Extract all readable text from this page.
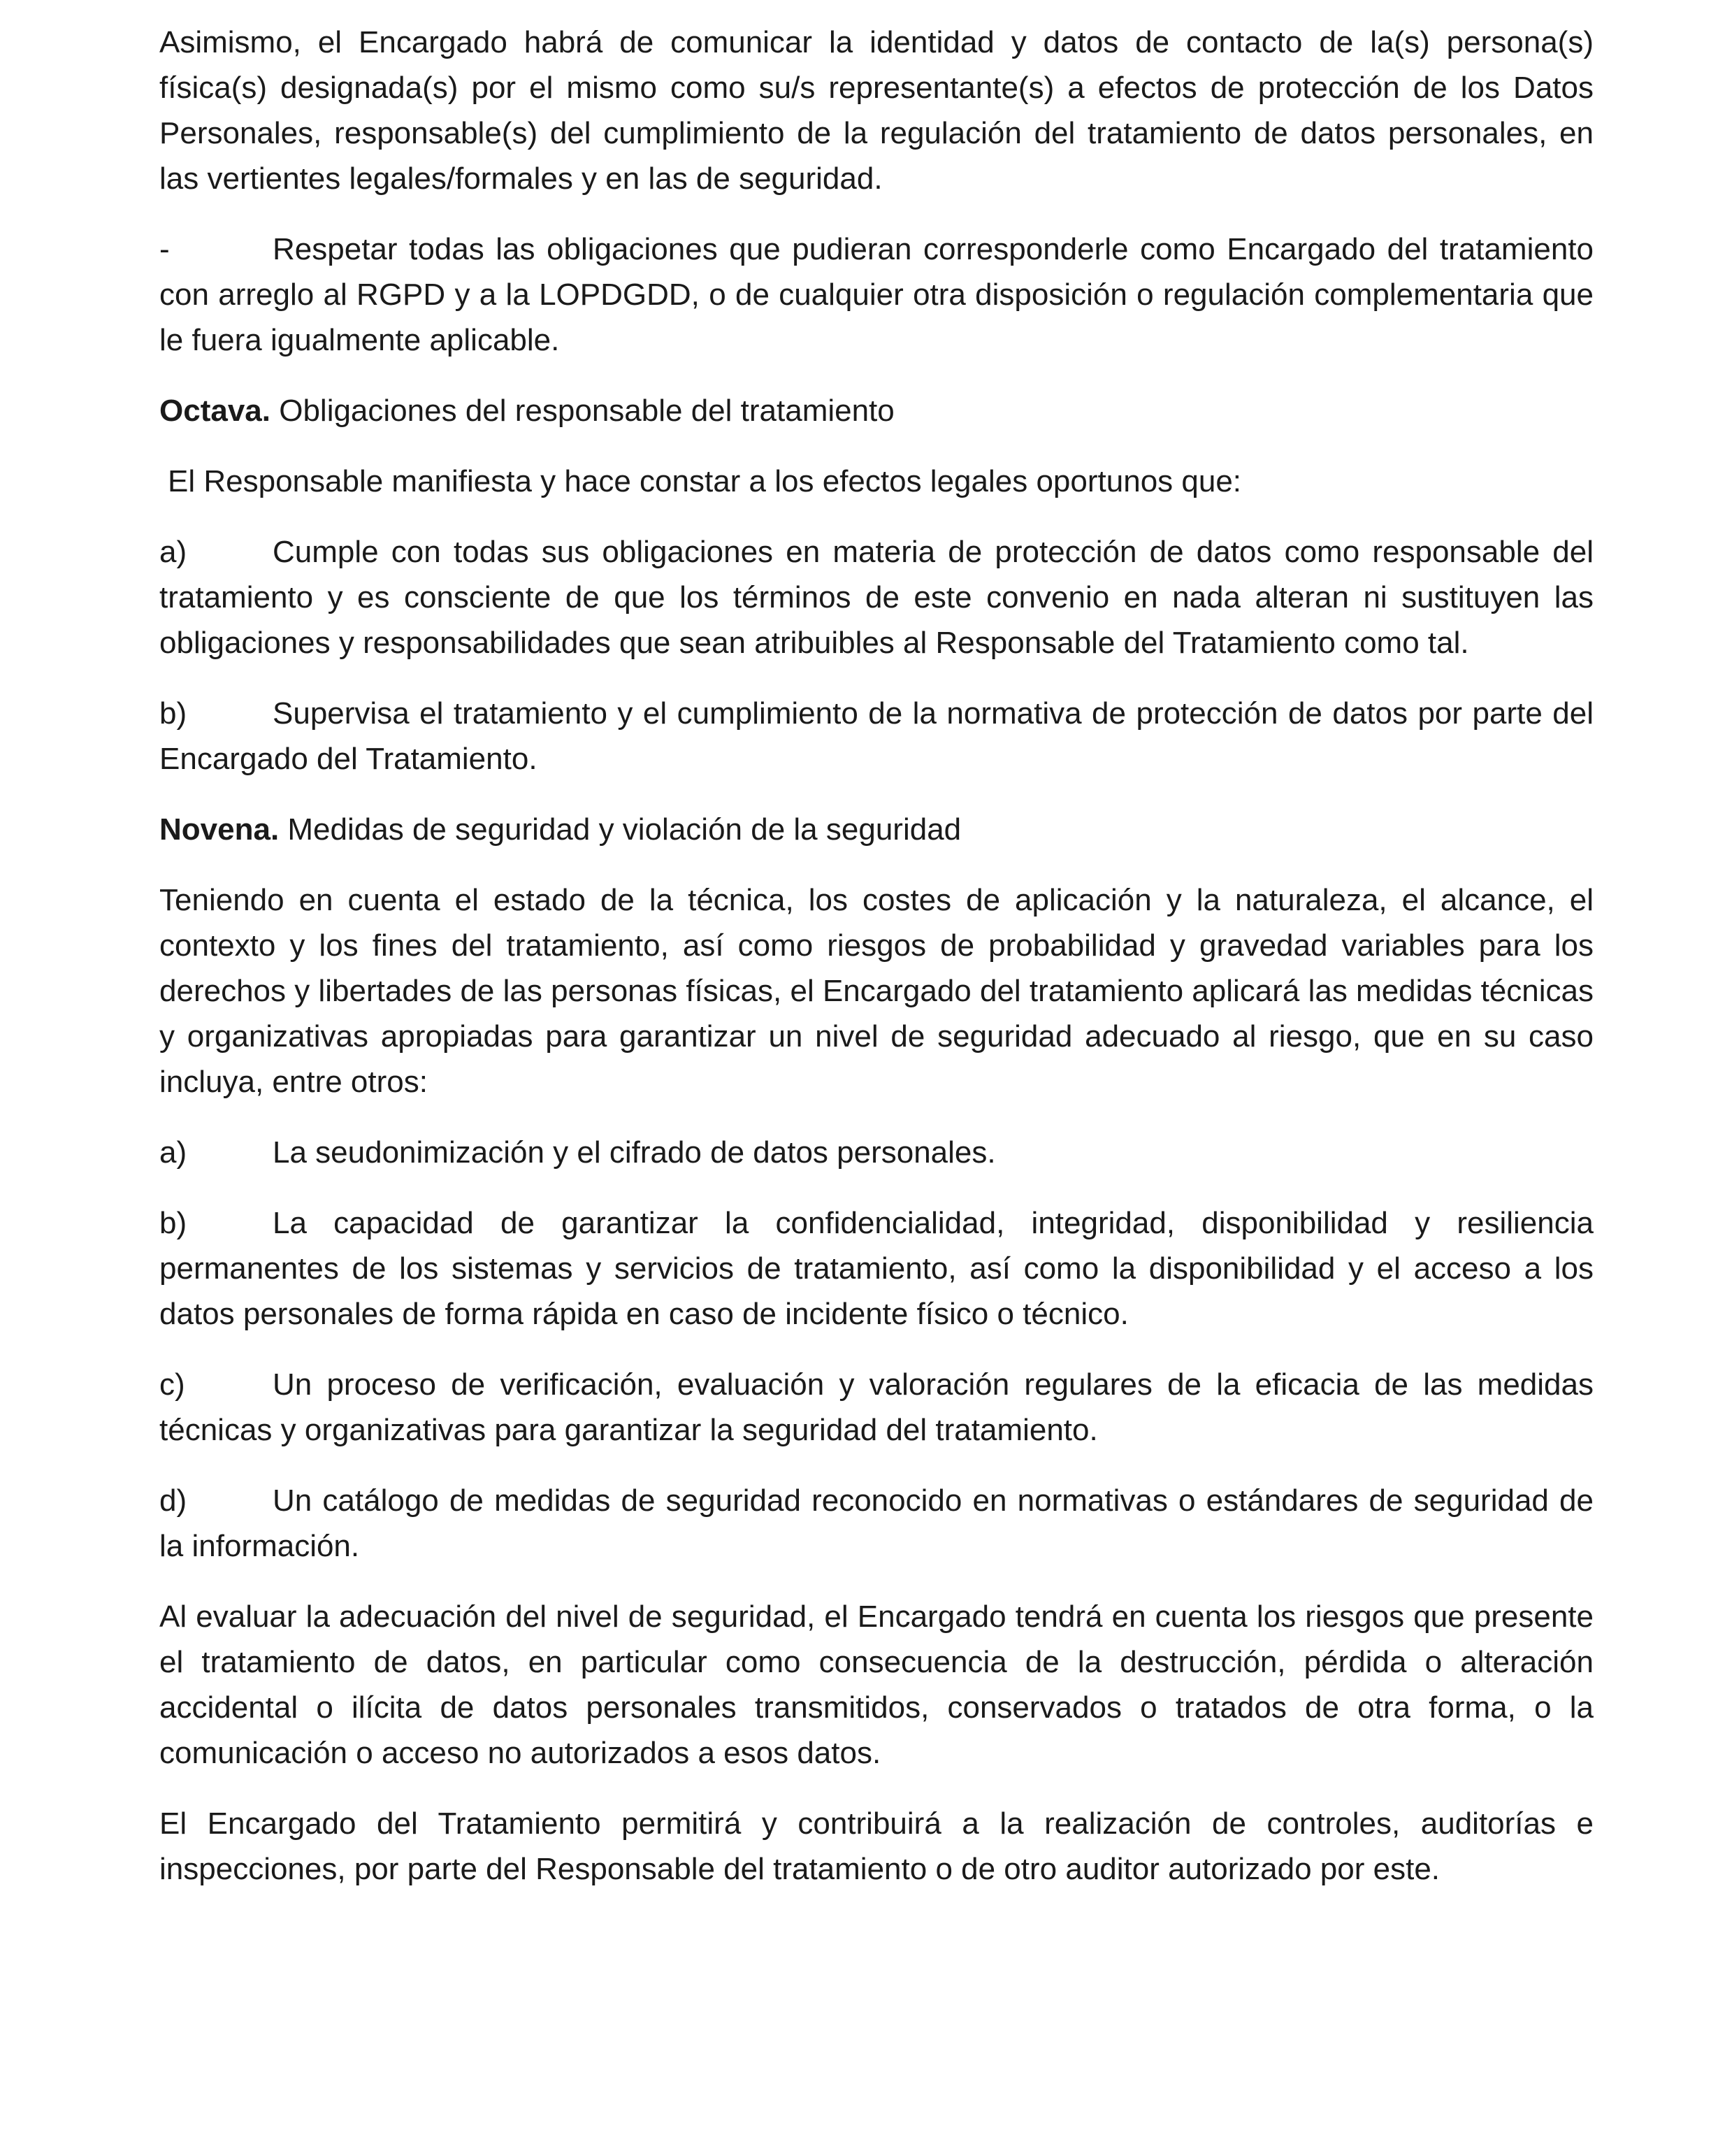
Asimismo, el Encargado habrá de comunicar la identidad y datos de contacto de la(s) persona(s) física(s) designada(s) por el mismo como su/s representante(s) a efectos de protección de los Datos Personales, responsable(s) del cumplimiento de la regulación del tratamiento de datos personales, en las vertientes legales/formales y en las de seguridad.

-	Respetar todas las obligaciones que pudieran corresponderle como Encargado del tratamiento con arreglo al RGPD y a la LOPDGDD, o de cualquier otra disposición o regulación complementaria que le fuera igualmente aplicable.

Octava. Obligaciones del responsable del tratamiento

El Responsable manifiesta y hace constar a los efectos legales oportunos que:

a)	Cumple con todas sus obligaciones en materia de protección de datos como responsable del tratamiento y es consciente de que los términos de este convenio en nada alteran ni sustituyen las obligaciones y responsabilidades que sean atribuibles al Responsable del Tratamiento como tal.

b)	Supervisa el tratamiento y el cumplimiento de la normativa de protección de datos por parte del Encargado del Tratamiento.

Novena. Medidas de seguridad y violación de la seguridad

Teniendo en cuenta el estado de la técnica, los costes de aplicación y la naturaleza, el alcance, el contexto y los fines del tratamiento, así como riesgos de probabilidad y gravedad variables para los derechos y libertades de las personas físicas, el Encargado del tratamiento aplicará las medidas técnicas y organizativas apropiadas para garantizar un nivel de seguridad adecuado al riesgo, que en su caso incluya, entre otros:

a)	La seudonimización y el cifrado de datos personales.

b)	La capacidad de garantizar la confidencialidad, integridad, disponibilidad y resiliencia permanentes de los sistemas y servicios de tratamiento, así como la disponibilidad y el acceso a los datos personales de forma rápida en caso de incidente físico o técnico.

c)	Un proceso de verificación, evaluación y valoración regulares de la eficacia de las medidas técnicas y organizativas para garantizar la seguridad del tratamiento.

d)	Un catálogo de medidas de seguridad reconocido en normativas o estándares de seguridad de la información.

Al evaluar la adecuación del nivel de seguridad, el Encargado tendrá en cuenta los riesgos que presente el tratamiento de datos, en particular como consecuencia de la destrucción, pérdida o alteración accidental o ilícita de datos personales transmitidos, conservados o tratados de otra forma, o la comunicación o acceso no autorizados a esos datos.

El Encargado del Tratamiento permitirá y contribuirá a la realización de controles, auditorías e inspecciones, por parte del Responsable del tratamiento o de otro auditor autorizado por este.
